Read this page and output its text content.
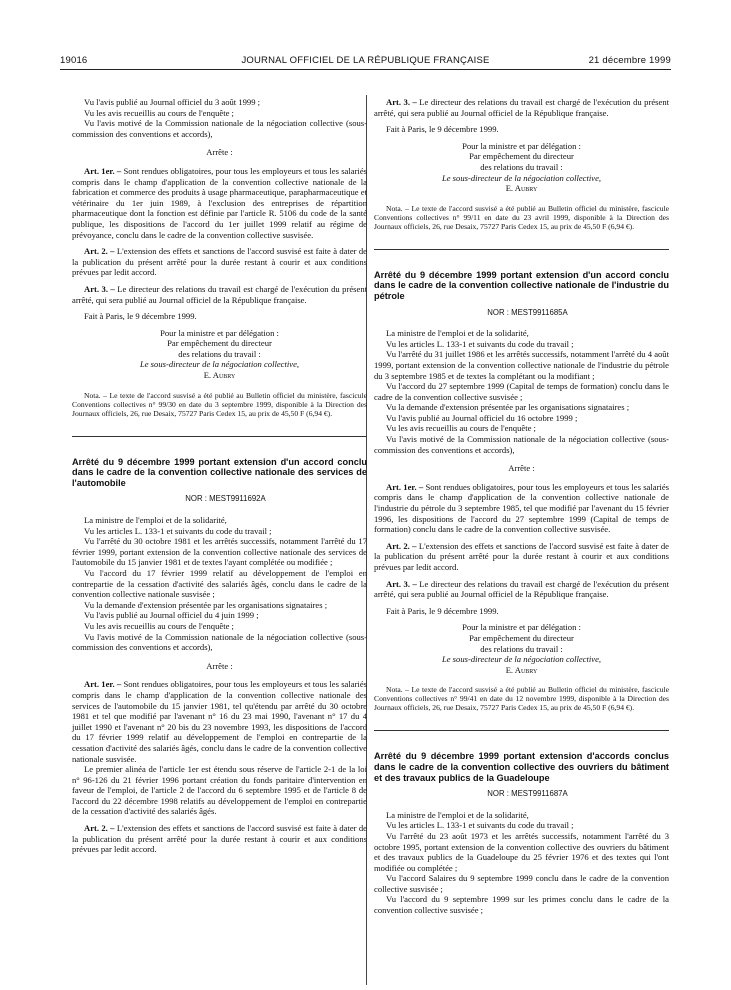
19016	JOURNAL OFFICIEL DE LA RÉPUBLIQUE FRANÇAISE	21 décembre 1999

Vu l'avis publié au Journal officiel du 3 août 1999 ;

Vu les avis recueillis au cours de l'enquête ;

Vu l'avis motivé de la Commission nationale de la négociation collective (sous-commission des conventions et accords),

Arrête :

Art. 1er. – Sont rendues obligatoires, pour tous les employeurs et tous les salariés compris dans le champ d'application de la convention collective nationale de la fabrication et commerce des produits à usage pharmaceutique, parapharmaceutique et vétérinaire du 1er juin 1989, à l'exclusion des entreprises de répartition pharmaceutique dont la fonction est définie par l'article R. 5106 du code de la santé publique, les dispositions de l'accord du 1er juillet 1999 relatif au régime de prévoyance, conclu dans le cadre de la convention collective susvisée.

Art. 2. – L'extension des effets et sanctions de l'accord susvisé est faite à dater de la publication du présent arrêté pour la durée restant à courir et aux conditions prévues par ledit accord.

Art. 3. – Le directeur des relations du travail est chargé de l'exécution du présent arrêté, qui sera publié au Journal officiel de la République française.

Fait à Paris, le 9 décembre 1999.

Pour la ministre et par délégation :

Par empêchement du directeur

des relations du travail :

Le sous-directeur de la négociation collective,

E. Aubry

Nota. – Le texte de l'accord susvisé a été publié au Bulletin officiel du ministère, fascicule Conventions collectives n° 99/30 en date du 3 septembre 1999, disponible à la Direction des Journaux officiels, 26, rue Desaix, 75727 Paris Cedex 15, au prix de 45,50 F (6,94 €).

Arrêté du 9 décembre 1999 portant extension d'un accord conclu dans le cadre de la convention collective nationale des services de l'automobile

NOR : MEST9911692A

La ministre de l'emploi et de la solidarité,

Vu les articles L. 133-1 et suivants du code du travail ;

Vu l'arrêté du 30 octobre 1981 et les arrêtés successifs, notamment l'arrêté du 17 février 1999, portant extension de la convention collective nationale des services de l'automobile du 15 janvier 1981 et de textes l'ayant complétée ou modifiée ;

Vu l'accord du 17 février 1999 relatif au développement de l'emploi en contrepartie de la cessation d'activité des salariés âgés, conclu dans le cadre de la convention collective nationale susvisée ;

Vu la demande d'extension présentée par les organisations signataires ;

Vu l'avis publié au Journal officiel du 4 juin 1999 ;

Vu les avis recueillis au cours de l'enquête ;

Vu l'avis motivé de la Commission nationale de la négociation collective (sous-commission des conventions et accords),

Arrête :

Art. 1er. – Sont rendues obligatoires, pour tous les employeurs et tous les salariés compris dans le champ d'application de la convention collective nationale des services de l'automobile du 15 janvier 1981, tel qu'étendu par arrêté du 30 octobre 1981 et tel que modifié par l'avenant n° 16 du 23 mai 1990, l'avenant n° 17 du 4 juillet 1990 et l'avenant n° 20 bis du 23 novembre 1993, les dispositions de l'accord du 17 février 1999 relatif au développement de l'emploi en contrepartie de la cessation d'activité des salariés âgés, conclu dans le cadre de la convention collective nationale susvisée.

Le premier alinéa de l'article 1er est étendu sous réserve de l'article 2-1 de la loi n° 96-126 du 21 février 1996 portant création du fonds paritaire d'intervention en faveur de l'emploi, de l'article 2 de l'accord du 6 septembre 1995 et de l'article 8 de l'accord du 22 décembre 1998 relatifs au développement de l'emploi en contrepartie de la cessation d'activité des salariés âgés.

Art. 2. – L'extension des effets et sanctions de l'accord susvisé est faite à dater de la publication du présent arrêté pour la durée restant à courir et aux conditions prévues par ledit accord.

Art. 3. – Le directeur des relations du travail est chargé de l'exécution du présent arrêté, qui sera publié au Journal officiel de la République française.

Fait à Paris, le 9 décembre 1999.

Pour la ministre et par délégation :

Par empêchement du directeur

des relations du travail :

Le sous-directeur de la négociation collective,

E. Aubry

Nota. – Le texte de l'accord susvisé a été publié au Bulletin officiel du ministère, fascicule Conventions collectives n° 99/11 en date du 23 avril 1999, disponible à la Direction des Journaux officiels, 26, rue Desaix, 75727 Paris Cedex 15, au prix de 45,50 F (6,94 €).

Arrêté du 9 décembre 1999 portant extension d'un accord conclu dans le cadre de la convention collective nationale de l'industrie du pétrole

NOR : MEST9911685A

La ministre de l'emploi et de la solidarité,

Vu les articles L. 133-1 et suivants du code du travail ;

Vu l'arrêté du 31 juillet 1986 et les arrêtés successifs, notamment l'arrêté du 4 août 1999, portant extension de la convention collective nationale de l'industrie du pétrole du 3 septembre 1985 et de textes la complétant ou la modifiant ;

Vu l'accord du 27 septembre 1999 (Capital de temps de formation) conclu dans le cadre de la convention collective susvisée ;

Vu la demande d'extension présentée par les organisations signataires ;

Vu l'avis publié au Journal officiel du 16 octobre 1999 ;

Vu les avis recueillis au cours de l'enquête ;

Vu l'avis motivé de la Commission nationale de la négociation collective (sous-commission des conventions et accords),

Arrête :

Art. 1er. – Sont rendues obligatoires, pour tous les employeurs et tous les salariés compris dans le champ d'application de la convention collective nationale de l'industrie du pétrole du 3 septembre 1985, tel que modifié par l'avenant du 15 février 1996, les dispositions de l'accord du 27 septembre 1999 (Capital de temps de formation) conclu dans le cadre de la convention collective susvisée.

Art. 2. – L'extension des effets et sanctions de l'accord susvisé est faite à dater de la publication du présent arrêté pour la durée restant à courir et aux conditions prévues par ledit accord.

Art. 3. – Le directeur des relations du travail est chargé de l'exécution du présent arrêté, qui sera publié au Journal officiel de la République française.

Fait à Paris, le 9 décembre 1999.

Pour la ministre et par délégation :

Par empêchement du directeur

des relations du travail :

Le sous-directeur de la négociation collective,

E. Aubry

Nota. – Le texte de l'accord susvisé a été publié au Bulletin officiel du ministère, fascicule Conventions collectives n° 99/41 en date du 12 novembre 1999, disponible à la Direction des Journaux officiels, 26, rue Desaix, 75727 Paris Cedex 15, au prix de 45,50 F (6,94 €).

Arrêté du 9 décembre 1999 portant extension d'accords conclus dans le cadre de la convention collective des ouvriers du bâtiment et des travaux publics de la Guadeloupe

NOR : MEST9911687A

La ministre de l'emploi et de la solidarité,

Vu les articles L. 133-1 et suivants du code du travail ;

Vu l'arrêté du 23 août 1973 et les arrêtés successifs, notamment l'arrêté du 3 octobre 1995, portant extension de la convention collective des ouvriers du bâtiment et des travaux publics de la Guadeloupe du 25 février 1976 et des textes qui l'ont modifiée ou complétée ;

Vu l'accord Salaires du 9 septembre 1999 conclu dans le cadre de la convention collective susvisée ;

Vu l'accord du 9 septembre 1999 sur les primes conclu dans le cadre de la convention collective susvisée ;
